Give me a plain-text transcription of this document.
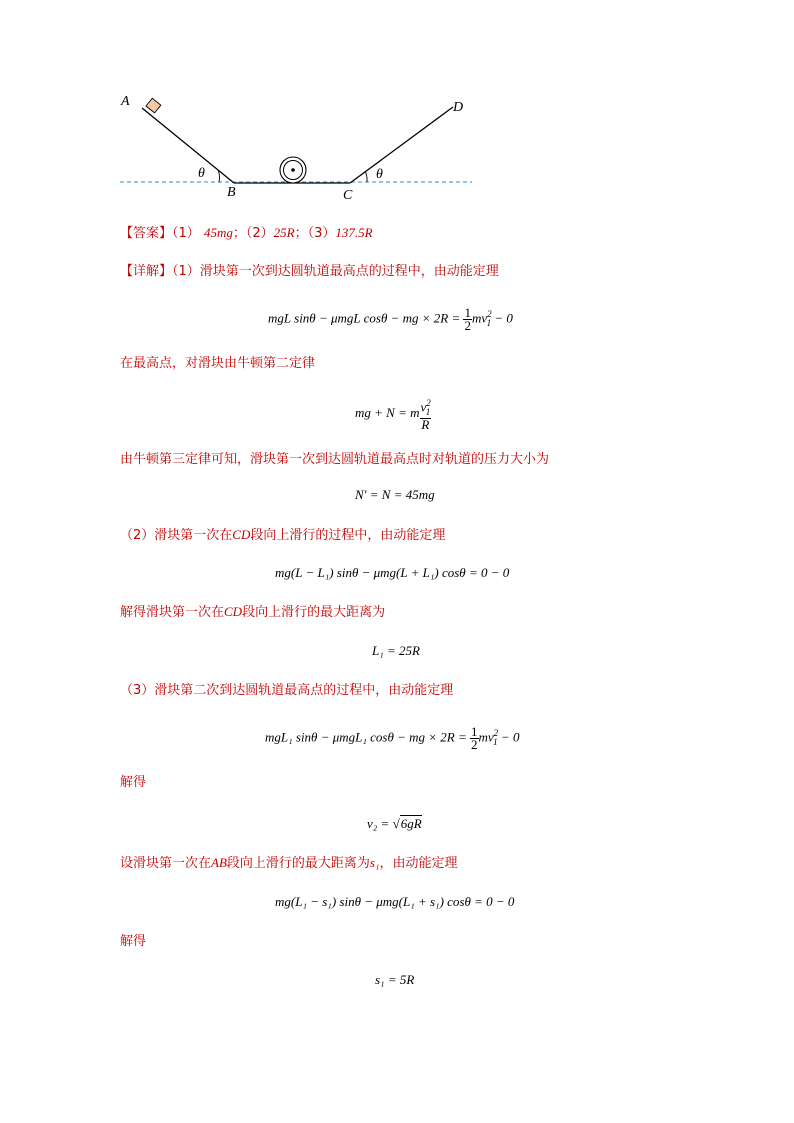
A
B	C
D
θ	θ
【答案】（1） 45mg；（2）25R；（3）137.5R
【详解】（1）滑块第一次到达圆轨道最高点的过程中，由动能定理
mgL sinθ − μmgL cosθ − mg × $2R = \frac{1}{2} mv^2_1 - 0$
在最高点，对滑块由牛顿第二定律
mg + N = m $\frac{v^2_1}{R}$
由牛顿第三定律可知，滑块第一次到达圆轨道最高点时对轨道的压力大小为
N′ = N = 45mg
（2）滑块第一次在CD段向上滑行的过程中，由动能定理
mg(L − L₁) sinθ − μmg(L + L₁) cosθ = 0 − 0
解得滑块第一次在CD段向上滑行的最大距离为
L₁ = 25R
（3）滑块第二次到达圆轨道最高点的过程中，由动能定理
mgL₁ sinθ − μmgL₁ cosθ − mg × $2R = \frac{1}{2} mv^2_1 - 0$
解得
v₂ = √6gR
设滑块第一次在AB段向上滑行的最大距离为s₁，由动能定理
mg(L₁ − s₁) sinθ − μmg(L₁ + s₁) cosθ = 0 − 0
解得
s₁ = 5R
